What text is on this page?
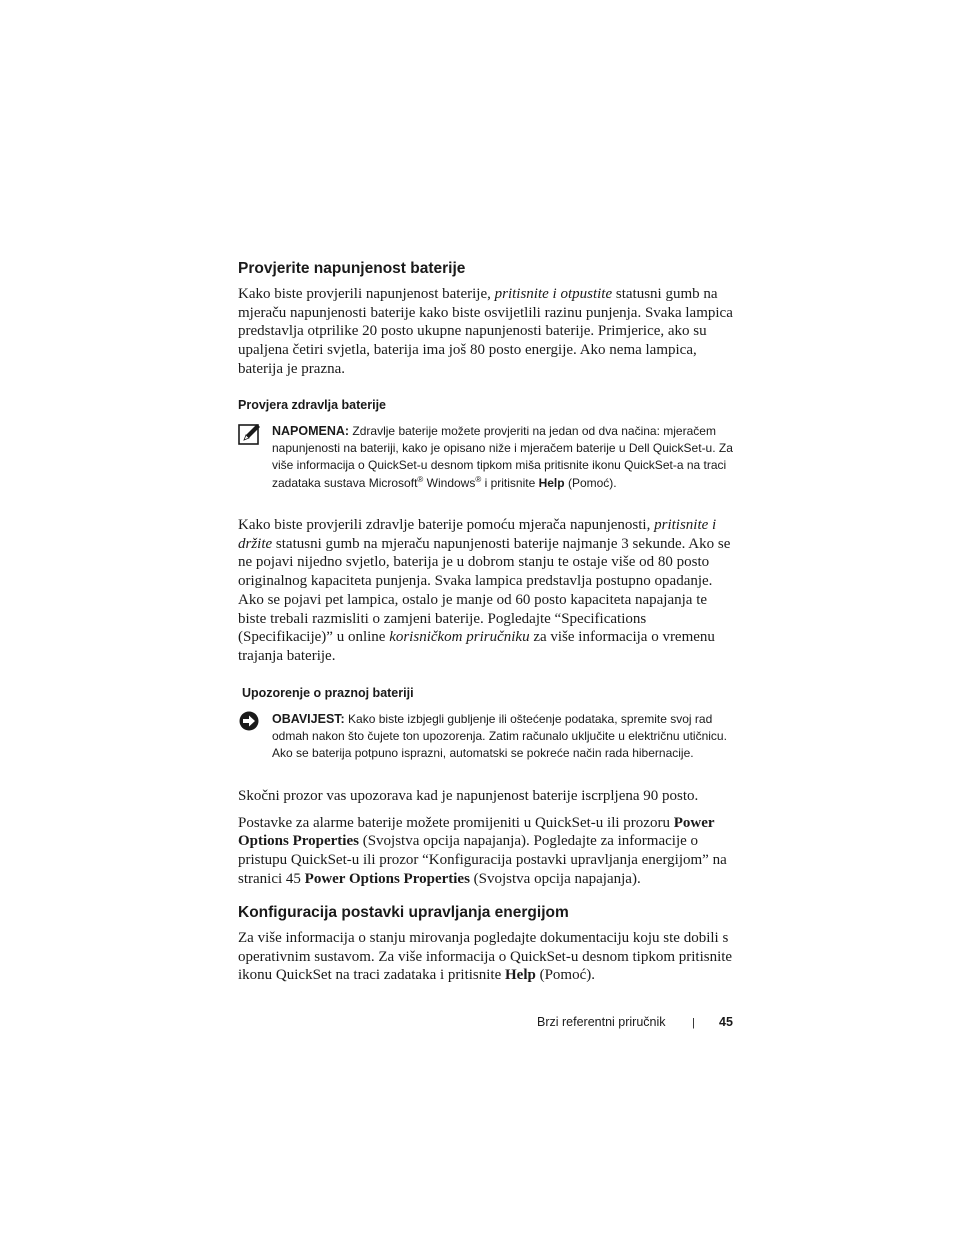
Provjerite napunjenost baterije

Kako biste provjerili napunjenost baterije, pritisnite i otpustite statusni gumb na mjeraču napunjenosti baterije kako biste osvijetlili razinu punjenja. Svaka lampica predstavlja otprilike 20 posto ukupne napunjenosti baterije. Primjerice, ako su upaljena četiri svjetla, baterija ima još 80 posto energije. Ako nema lampica, baterija je prazna.

Provjera zdravlja baterije
NAPOMENA: Zdravlje baterije možete provjeriti na jedan od dva načina: mjeračem napunjenosti na bateriji, kako je opisano niže i mjeračem baterije u Dell QuickSet-u. Za više informacija o QuickSet-u desnom tipkom miša pritisnite ikonu QuickSet-a na traci zadataka sustava Microsoft® Windows® i pritisnite Help (Pomoć).

Kako biste provjerili zdravlje baterije pomoću mjerača napunjenosti, pritisnite i držite statusni gumb na mjeraču napunjenosti baterije najmanje 3 sekunde. Ako se ne pojavi nijedno svjetlo, baterija je u dobrom stanju te ostaje više od 80 posto originalnog kapaciteta punjenja. Svaka lampica predstavlja postupno opadanje. Ako se pojavi pet lampica, ostalo je manje od 60 posto kapaciteta napajanja te biste trebali razmisliti o zamjeni baterije. Pogledajte “Specifications (Specifikacije)” u online korisničkom priručniku za više informacija o vremenu trajanja baterije.

Upozorenje o praznoj bateriji
OBAVIJEST: Kako biste izbjegli gubljenje ili oštećenje podataka, spremite svoj rad odmah nakon što čujete ton upozorenja. Zatim računalo uključite u električnu utičnicu. Ako se baterija potpuno isprazni, automatski se pokreće način rada hibernacije.

Skočni prozor vas upozorava kad je napunjenost baterije iscrpljena 90 posto.

Postavke za alarme baterije možete promijeniti u QuickSet-u ili prozoru Power Options Properties (Svojstva opcija napajanja). Pogledajte za informacije o pristupu QuickSet-u ili prozor “Konfiguracija postavki upravljanja energijom” na stranici 45 Power Options Properties (Svojstva opcija napajanja).

Konfiguracija postavki upravljanja energijom

Za više informacija o stanju mirovanja pogledajte dokumentaciju koju ste dobili s operativnim sustavom. Za više informacija o QuickSet-u desnom tipkom pritisnite ikonu QuickSet na traci zadataka i pritisnite Help (Pomoć).

Brzi referentni priručnik | 45
